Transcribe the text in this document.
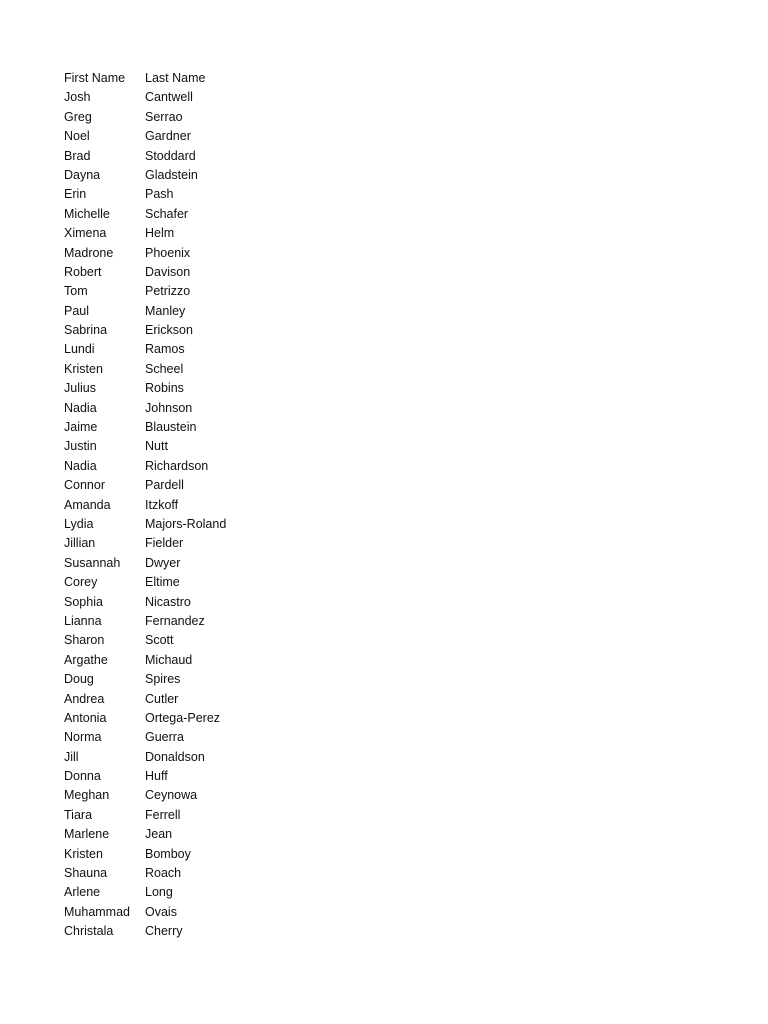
First Name	Last Name
Josh	Cantwell
Greg	Serrao
Noel	Gardner
Brad	Stoddard
Dayna	Gladstein
Erin	Pash
Michelle	Schafer
Ximena	Helm
Madrone	Phoenix
Robert	Davison
Tom	Petrizzo
Paul	Manley
Sabrina	Erickson
Lundi	Ramos
Kristen	Scheel
Julius	Robins
Nadia	Johnson
Jaime	Blaustein
Justin	Nutt
Nadia	Richardson
Connor	Pardell
Amanda	Itzkoff
Lydia	Majors-Roland
Jillian	Fielder
Susannah	Dwyer
Corey	Eltime
Sophia	Nicastro
Lianna	Fernandez
Sharon	Scott
Argathe	Michaud
Doug	Spires
Andrea	Cutler
Antonia	Ortega-Perez
Norma	Guerra
Jill	Donaldson
Donna	Huff
Meghan	Ceynowa
Tiara	Ferrell
Marlene	Jean
Kristen	Bomboy
Shauna	Roach
Arlene	Long
Muhammad	Ovais
Christala	Cherry
